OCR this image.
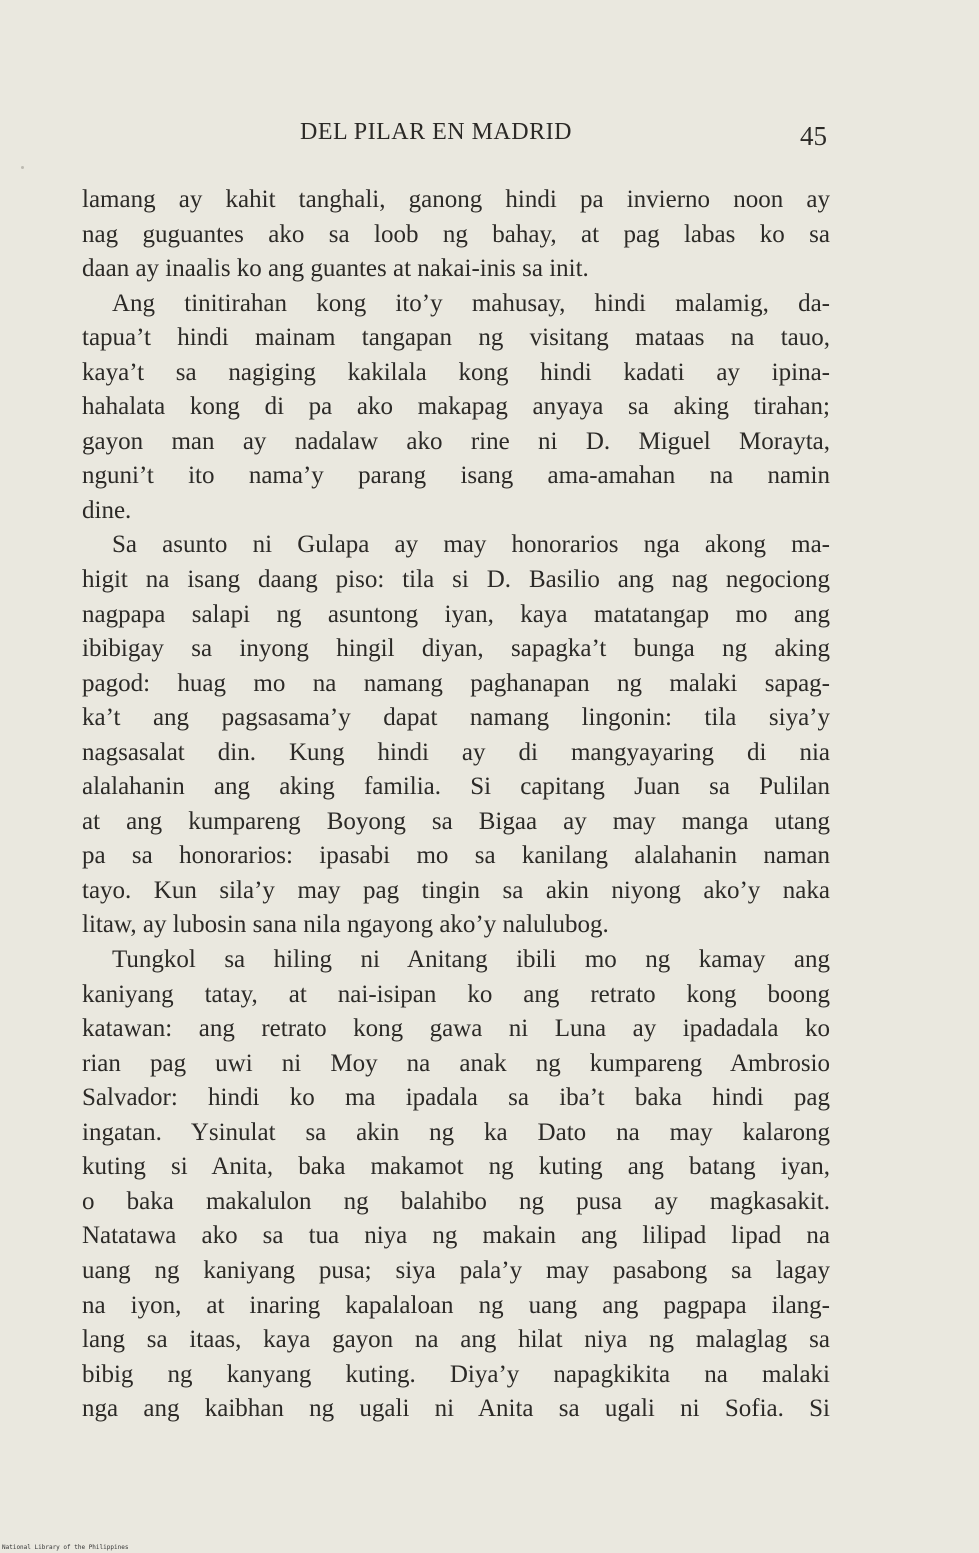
DEL PILAR EN MADRID	45
lamang ay kahit tanghali, ganong hindi pa invierno noon ay
nag guguantes ako sa loob ng bahay, at pag labas ko sa
daan ay inaalis ko ang guantes at nakai-inis sa init.
Ang tinitirahan kong ito’y mahusay, hindi malamig, da-
tapua’t hindi mainam tangapan ng visitang mataas na tauo,
kaya’t sa nagiging kakilala kong hindi kadati ay ipina-
hahalata kong di pa ako makapag anyaya sa aking tirahan;
gayon man ay nadalaw ako rine ni D. Miguel Morayta,
nguni’t ito nama’y parang isang ama-amahan na namin
dine.
Sa asunto ni Gulapa ay may honorarios nga akong ma-
higit na isang daang piso: tila si D. Basilio ang nag negociong
nagpapa salapi ng asuntong iyan, kaya matatangap mo ang
ibibigay sa inyong hingil diyan, sapagka’t bunga ng aking
pagod: huag mo na namang paghanapan ng malaki sapag-
ka’t ang pagsasama’y dapat namang lingonin: tila siya’y
nagsasalat din. Kung hindi ay di mangyayaring di nia
alalahanin ang aking familia. Si capitang Juan sa Pulilan
at ang kumpareng Boyong sa Bigaa ay may manga utang
pa sa honorarios: ipasabi mo sa kanilang alalahanin naman
tayo. Kun sila’y may pag tingin sa akin niyong ako’y naka
litaw, ay lubosin sana nila ngayong ako’y nalulubog.
Tungkol sa hiling ni Anitang ibili mo ng kamay ang
kaniyang tatay, at nai-isipan ko ang retrato kong boong
katawan: ang retrato kong gawa ni Luna ay ipadadala ko
rian pag uwi ni Moy na anak ng kumpareng Ambrosio
Salvador: hindi ko ma ipadala sa iba’t baka hindi pag
ingatan. Ysinulat sa akin ng ka Dato na may kalarong
kuting si Anita, baka makamot ng kuting ang batang iyan,
o baka makalulon ng balahibo ng pusa ay magkasakit.
Natatawa ako sa tua niya ng makain ang lilipad lipad na
uang ng kaniyang pusa; siya pala’y may pasabong sa lagay
na iyon, at inaring kapalaloan ng uang ang pagpapa ilang-
lang sa itaas, kaya gayon na ang hilat niya ng malaglag sa
bibig ng kanyang kuting. Diya’y napagkikita na malaki
nga ang kaibhan ng ugali ni Anita sa ugali ni Sofia. Si
National Library of the Philippines
